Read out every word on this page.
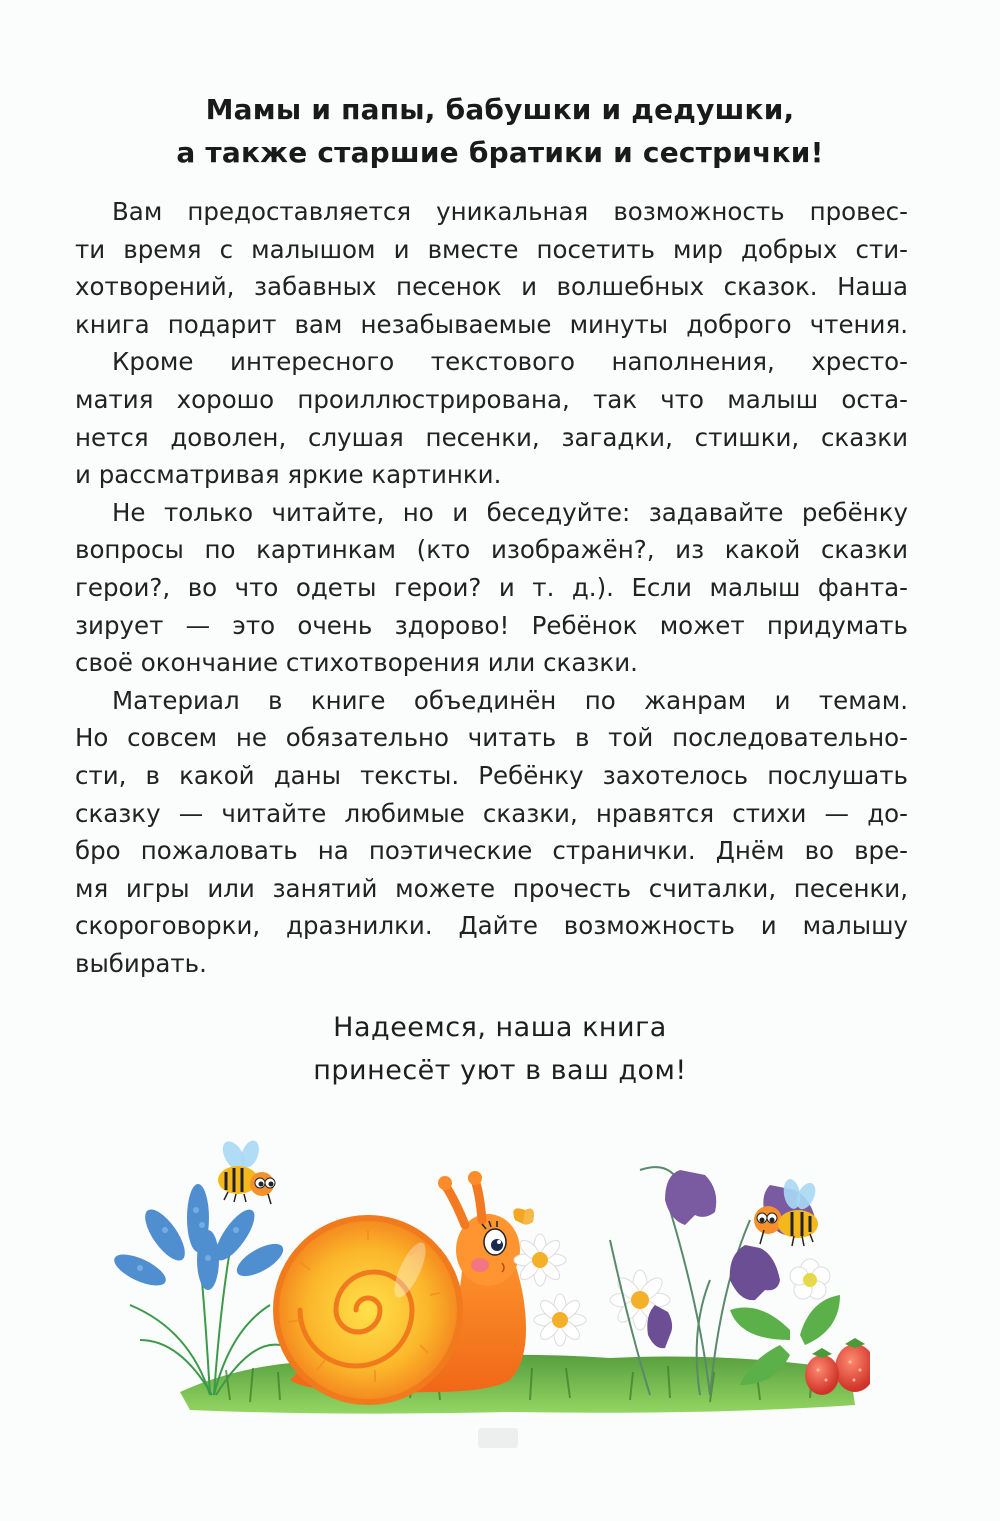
Мамы и папы, бабушки и дедушки,
а также старшие братики и сестрички!

Вам предоставляется уникальная возможность провес-
ти время с малышом и вместе посетить мир добрых сти-
хотворений, забавных песенок и волшебных сказок. Наша
книга подарит вам незабываемые минуты доброго чтения.

Кроме интересного текстового наполнения, хресто-
матия хорошо проиллюстрирована, так что малыш оста-
нется доволен, слушая песенки, загадки, стишки, сказки
и рассматривая яркие картинки.

Не только читайте, но и беседуйте: задавайте ребёнку
вопросы по картинкам (кто изображён?, из какой сказки
герои?, во что одеты герои? и т. д.). Если малыш фанта-
зирует — это очень здорово! Ребёнок может придумать
своё окончание стихотворения или сказки.

Материал в книге объединён по жанрам и темам.
Но совсем не обязательно читать в той последовательно-
сти, в какой даны тексты. Ребёнку захотелось послушать
сказку — читайте любимые сказки, нравятся стихи — до-
бро пожаловать на поэтические странички. Днём во вре-
мя игры или занятий можете прочесть считалки, песенки,
скороговорки, дразнилки. Дайте возможность и малышу
выбирать.

Надеемся, наша книга
принесёт уют в ваш дом!
